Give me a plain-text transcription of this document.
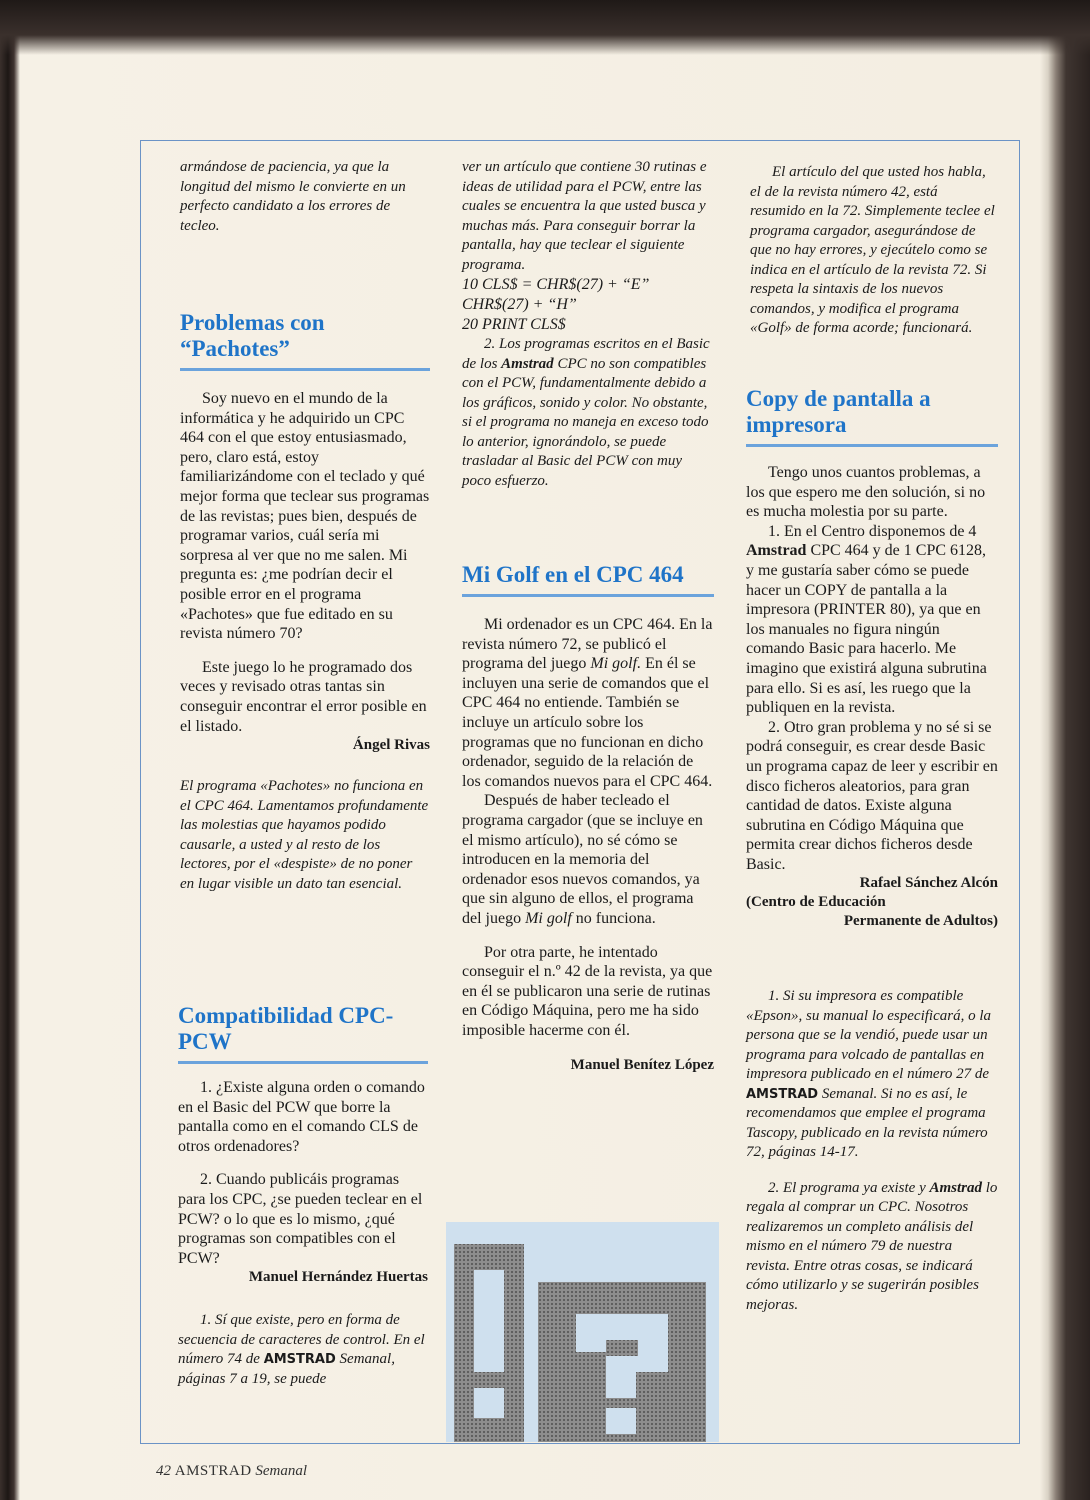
armándose de paciencia, ya que la longitud del mismo le convierte en un perfecto candidato a los errores de tecleo.

Problemas con “Pachotes”

Soy nuevo en el mundo de la informática y he adquirido un CPC 464 con el que estoy entusiasmado, pero, claro está, estoy familiarizándome con el teclado y qué mejor forma que teclear sus programas de las revistas; pues bien, después de programar varios, cuál sería mi sorpresa al ver que no me salen. Mi pregunta es: ¿me podrían decir el posible error en el programa «Pachotes» que fue editado en su revista número 70?

Este juego lo he programado dos veces y revisado otras tantas sin conseguir encontrar el error posible en el listado.

Ángel Rivas

El programa «Pachotes» no funciona en el CPC 464. Lamentamos profundamente las molestias que hayamos podido causarle, a usted y al resto de los lectores, por el «despiste» de no poner en lugar visible un dato tan esencial.

Compatibilidad CPC-PCW

1. ¿Existe alguna orden o comando en el Basic del PCW que borre la pantalla como en el comando CLS de otros ordenadores?

2. Cuando publicáis programas para los CPC, ¿se pueden teclear en el PCW? o lo que es lo mismo, ¿qué programas son compatibles con el PCW?

Manuel Hernández Huertas

1. Sí que existe, pero en forma de secuencia de caracteres de control. En el número 74 de AMSTRAD Semanal, páginas 7 a 19, se puede

ver un artículo que contiene 30 rutinas e ideas de utilidad para el PCW, entre las cuales se encuentra la que usted busca y muchas más. Para conseguir borrar la pantalla, hay que teclear el siguiente programa.

10 CLS$ = CHR$(27) + “E”

CHR$(27) + “H”

20 PRINT CLS$

2. Los programas escritos en el Basic de los Amstrad CPC no son compatibles con el PCW, fundamentalmente debido a los gráficos, sonido y color. No obstante, si el programa no maneja en exceso todo lo anterior, ignorándolo, se puede trasladar al Basic del PCW con muy poco esfuerzo.

Mi Golf en el CPC 464

Mi ordenador es un CPC 464. En la revista número 72, se publicó el programa del juego Mi golf. En él se incluyen una serie de comandos que el CPC 464 no entiende. También se incluye un artículo sobre los programas que no funcionan en dicho ordenador, seguido de la relación de los comandos nuevos para el CPC 464.

Después de haber tecleado el programa cargador (que se incluye en el mismo artículo), no sé cómo se introducen en la memoria del ordenador esos nuevos comandos, ya que sin alguno de ellos, el programa del juego Mi golf no funciona.

Por otra parte, he intentado conseguir el n.º 42 de la revista, ya que en él se publicaron una serie de rutinas en Código Máquina, pero me ha sido imposible hacerme con él.

Manuel Benítez López

El artículo del que usted hos habla, el de la revista número 42, está resumido en la 72. Simplemente teclee el programa cargador, asegurándose de que no hay errores, y ejecútelo como se indica en el artículo de la revista 72. Si respeta la sintaxis de los nuevos comandos, y modifica el programa «Golf» de forma acorde; funcionará.

Copy de pantalla a impresora

Tengo unos cuantos problemas, a los que espero me den solución, si no es mucha molestia por su parte.

1. En el Centro disponemos de 4 Amstrad CPC 464 y de 1 CPC 6128, y me gustaría saber cómo se puede hacer un COPY de pantalla a la impresora (PRINTER 80), ya que en los manuales no figura ningún comando Basic para hacerlo. Me imagino que existirá alguna subrutina para ello. Si es así, les ruego que la publiquen en la revista.

2. Otro gran problema y no sé si se podrá conseguir, es crear desde Basic un programa capaz de leer y escribir en disco ficheros aleatorios, para gran cantidad de datos. Existe alguna subrutina en Código Máquina que permita crear dichos ficheros desde Basic.

Rafael Sánchez Alcón

(Centro de Educación

Permanente de Adultos)

1. Si su impresora es compatible «Epson», su manual lo especificará, o la persona que se la vendió, puede usar un programa para volcado de pantallas en impresora publicado en el número 27 de AMSTRAD Semanal. Si no es así, le recomendamos que emplee el programa Tascopy, publicado en la revista número 72, páginas 14-17.

2. El programa ya existe y Amstrad lo regala al comprar un CPC. Nosotros realizaremos un completo análisis del mismo en el número 79 de nuestra revista. Entre otras cosas, se indicará cómo utilizarlo y se sugerirán posibles mejoras.

42 AMSTRAD Semanal
